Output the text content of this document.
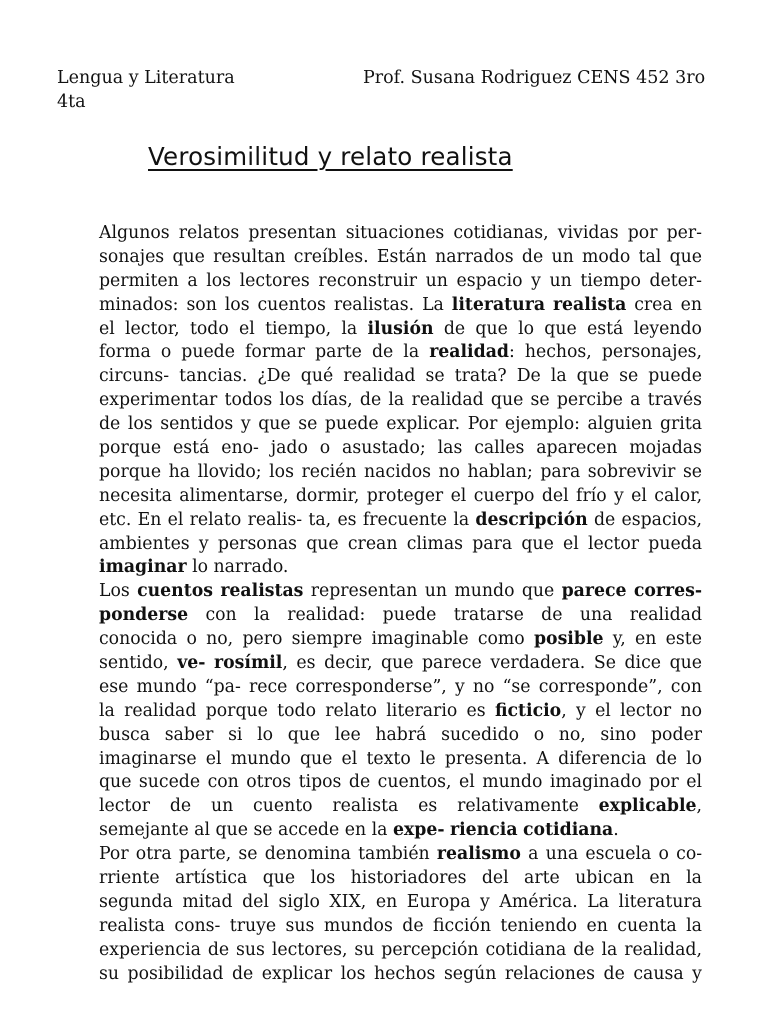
Lengua y Literatura
4ta
Prof. Susana Rodriguez CENS 452 3ro
Verosimilitud y relato realista
Algunos relatos presentan situaciones cotidianas, vividas por per-
sonajes que resultan creíbles. Están narrados de un modo tal que
permiten a los lectores reconstruir un espacio y un tiempo deter-
minados: son los cuentos realistas. La literatura realista crea en
el lector, todo el tiempo, la ilusión de que lo que está leyendo
forma o puede formar parte de la realidad: hechos, personajes,
circuns- tancias. ¿De qué realidad se trata? De la que se puede
experimentar todos los días, de la realidad que se percibe a través
de los sentidos y que se puede explicar. Por ejemplo: alguien grita
porque está eno- jado o asustado; las calles aparecen mojadas
porque ha llovido; los recién nacidos no hablan; para sobrevivir se
necesita alimentarse, dormir, proteger el cuerpo del frío y el calor,
etc. En el relato realis- ta, es frecuente la descripción de espacios,
ambientes y personas que crean climas para que el lector pueda
imaginar lo narrado.
Los cuentos realistas representan un mundo que parece corres-
ponderse con la realidad: puede tratarse de una realidad
conocida o no, pero siempre imaginable como posible y, en este
sentido, ve- rosímil, es decir, que parece verdadera. Se dice que
ese mundo “pa- rece corresponderse”, y no “se corresponde”, con
la realidad porque todo relato literario es ficticio, y el lector no
busca saber si lo que lee habrá sucedido o no, sino poder
imaginarse el mundo que el texto le presenta. A diferencia de lo
que sucede con otros tipos de cuentos, el mundo imaginado por el
lector de un cuento realista es relativamente explicable,
semejante al que se accede en la expe- riencia cotidiana.
Por otra parte, se denomina también realismo a una escuela o co-
rriente artística que los historiadores del arte ubican en la
segunda mitad del siglo XIX, en Europa y América. La literatura
realista cons- truye sus mundos de ficción teniendo en cuenta la
experiencia de sus lectores, su percepción cotidiana de la realidad,
su posibilidad de explicar los hechos según relaciones de causa y
